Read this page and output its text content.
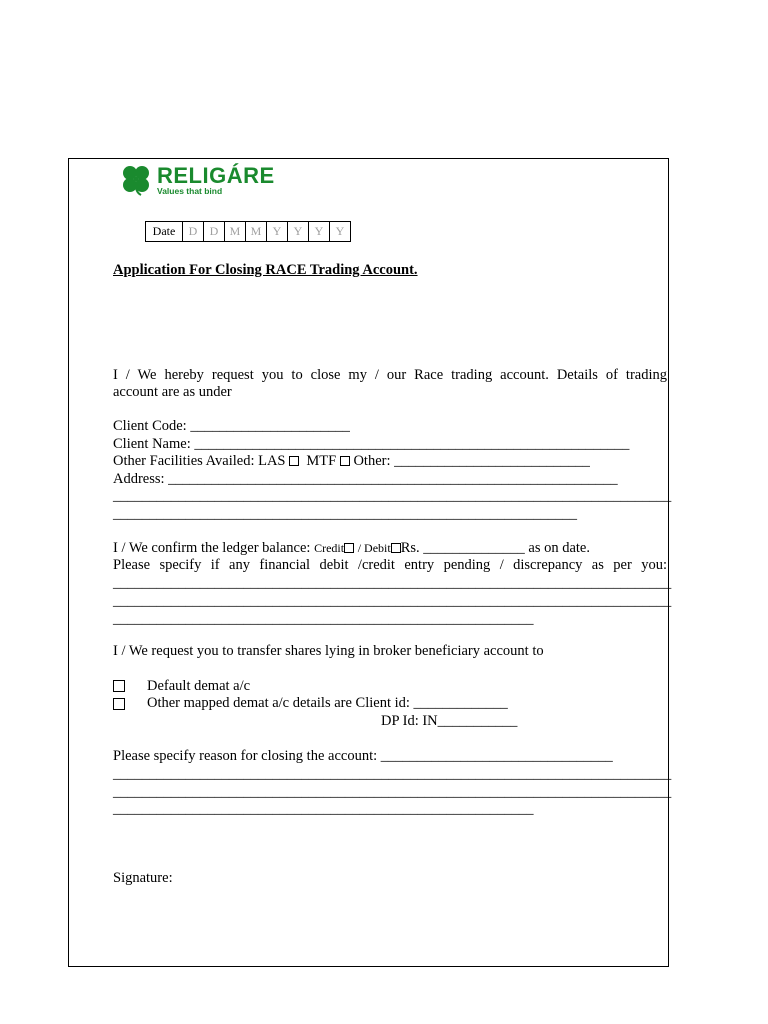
RELIGÁRE
Values that bind
Date	D	D	M	M	Y	Y	Y	Y
Application For Closing RACE Trading Account.
I / We hereby request you to close my / our Race trading account. Details of trading
account are as under
Client Code: ______________________
Client Name: ____________________________________________________________
Other Facilities Availed: LAS MTF Other: ___________________________
Address: ______________________________________________________________
_____________________________________________________________________________
________________________________________________________________
I / We confirm the ledger balance: Credit / Debit Rs. ______________ as on date.
Please specify if any financial debit /credit entry pending / discrepancy as per you:
_____________________________________________________________________________
_____________________________________________________________________________
__________________________________________________________
I / We request you to transfer shares lying in broker beneficiary account to
Default demat a/c
Other mapped demat a/c details are Client id: _____________
DP Id: IN___________
Please specify reason for closing the account: ________________________________
_____________________________________________________________________________
_____________________________________________________________________________
__________________________________________________________
Signature:
